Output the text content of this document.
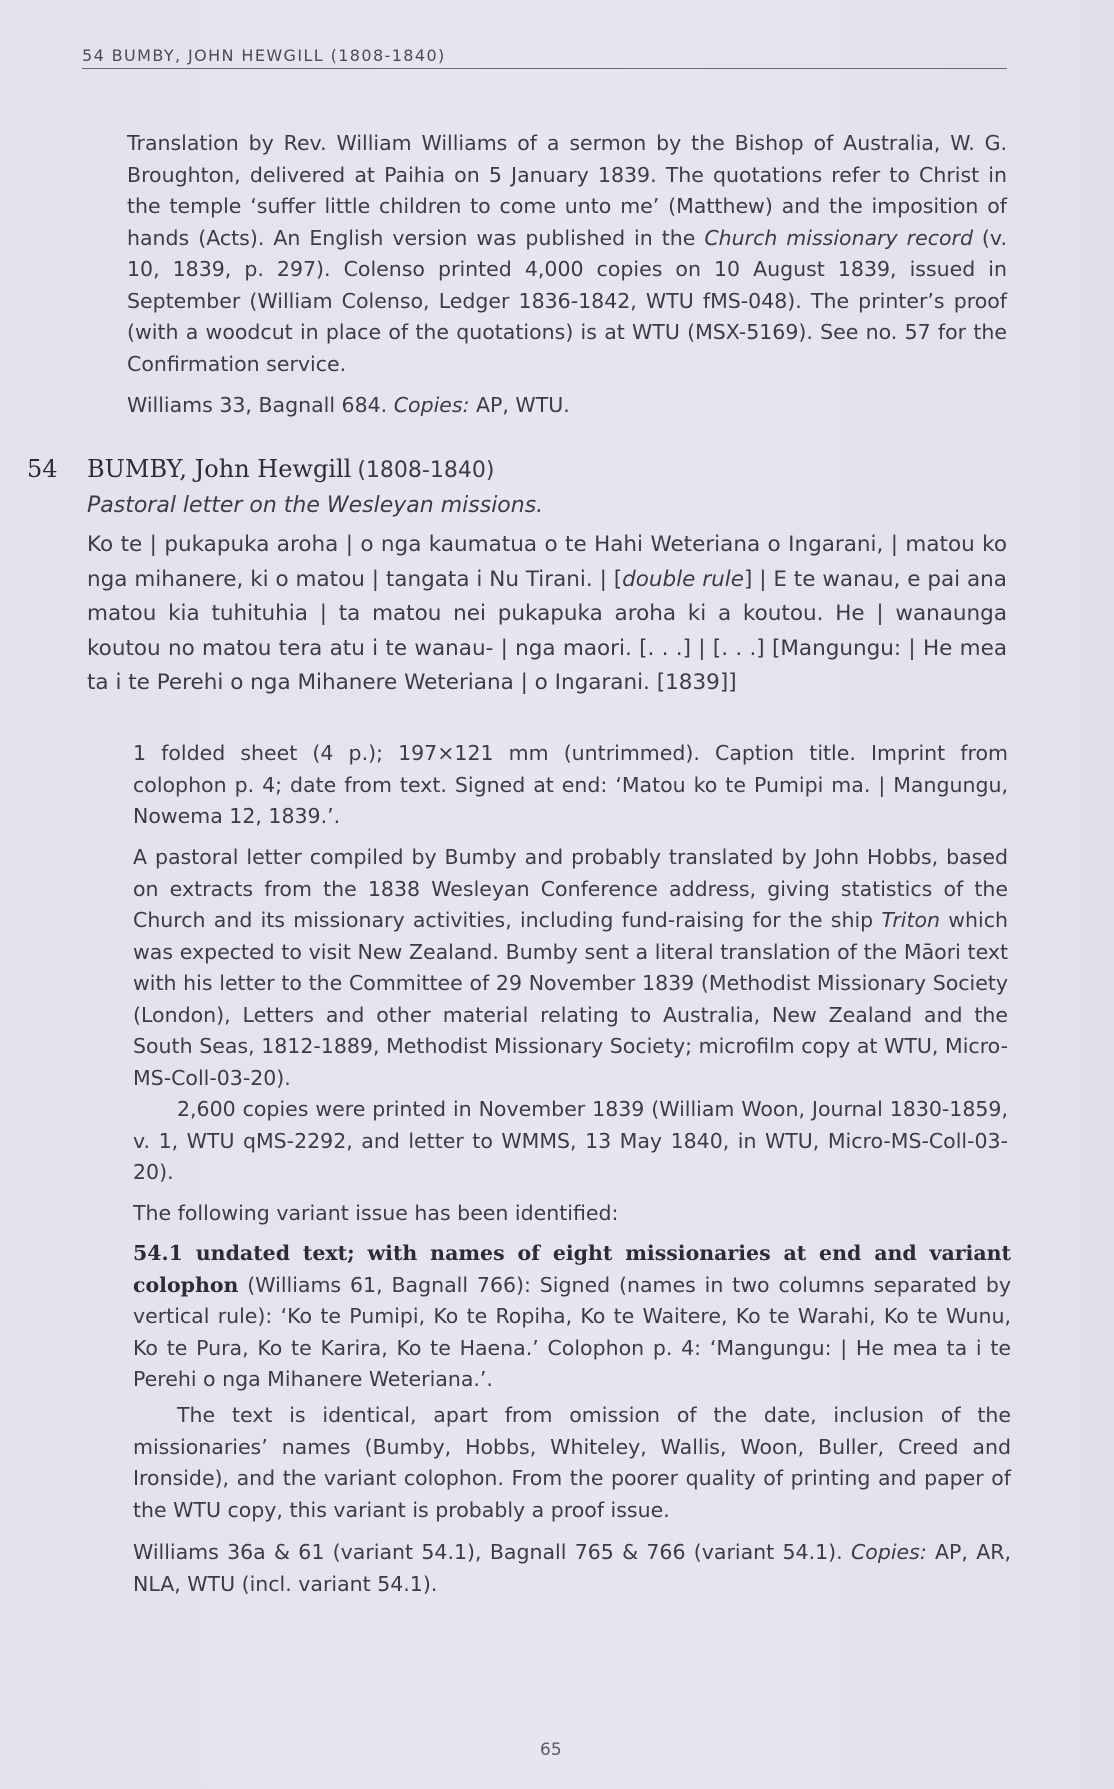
54 BUMBY, JOHN HEWGILL (1808-1840)

Translation by Rev. William Williams of a sermon by the Bishop of Australia, W. G. Broughton, delivered at Paihia on 5 January 1839. The quotations refer to Christ in the temple ‘suffer little children to come unto me’ (Matthew) and the imposition of hands (Acts). An English version was published in the Church missionary record (v. 10, 1839, p. 297). Colenso printed 4,000 copies on 10 August 1839, issued in September (William Colenso, Ledger 1836-1842, WTU fMS-048). The printer’s proof (with a woodcut in place of the quotations) is at WTU (MSX-5169). See no. 57 for the Confirmation service.

Williams 33, Bagnall 684. Copies: AP, WTU.

54 BUMBY, John Hewgill (1808-1840)
Pastoral letter on the Wesleyan missions.
Ko te | pukapuka aroha | o nga kaumatua o te Hahi Weteriana o Ingarani, | matou ko nga mihanere, ki o matou | tangata i Nu Tirani. | [double rule] | E te wanau, e pai ana matou kia tuhituhia | ta matou nei pukapuka aroha ki a koutou. He | wanaunga koutou no matou tera atu i te wanau- | nga maori. [. . .] | [. . .] [Mangungu: | He mea ta i te Perehi o nga Mihanere Weteriana | o Ingarani. [1839]]

1 folded sheet (4 p.); 197×121 mm (untrimmed). Caption title. Imprint from colophon p. 4; date from text. Signed at end: ‘Matou ko te Pumipi ma. | Mangungu, Nowema 12, 1839.’.

A pastoral letter compiled by Bumby and probably translated by John Hobbs, based on extracts from the 1838 Wesleyan Conference address, giving statistics of the Church and its missionary activities, including fund-raising for the ship Triton which was expected to visit New Zealand. Bumby sent a literal translation of the Māori text with his letter to the Committee of 29 November 1839 (Methodist Missionary Society (London), Letters and other material relating to Australia, New Zealand and the South Seas, 1812-1889, Methodist Missionary Society; microfilm copy at WTU, Micro-MS-Coll-03-20).

2,600 copies were printed in November 1839 (William Woon, Journal 1830-1859, v. 1, WTU qMS-2292, and letter to WMMS, 13 May 1840, in WTU, Micro-MS-Coll-03-20).

The following variant issue has been identified:

54.1 undated text; with names of eight missionaries at end and variant colophon (Williams 61, Bagnall 766): Signed (names in two columns separated by vertical rule): ‘Ko te Pumipi, Ko te Ropiha, Ko te Waitere, Ko te Warahi, Ko te Wunu, Ko te Pura, Ko te Karira, Ko te Haena.’ Colophon p. 4: ‘Mangungu: | He mea ta i te Perehi o nga Mihanere Weteriana.’.

The text is identical, apart from omission of the date, inclusion of the missionaries’ names (Bumby, Hobbs, Whiteley, Wallis, Woon, Buller, Creed and Ironside), and the variant colophon. From the poorer quality of printing and paper of the WTU copy, this variant is probably a proof issue.

Williams 36a & 61 (variant 54.1), Bagnall 765 & 766 (variant 54.1). Copies: AP, AR, NLA, WTU (incl. variant 54.1).

65
